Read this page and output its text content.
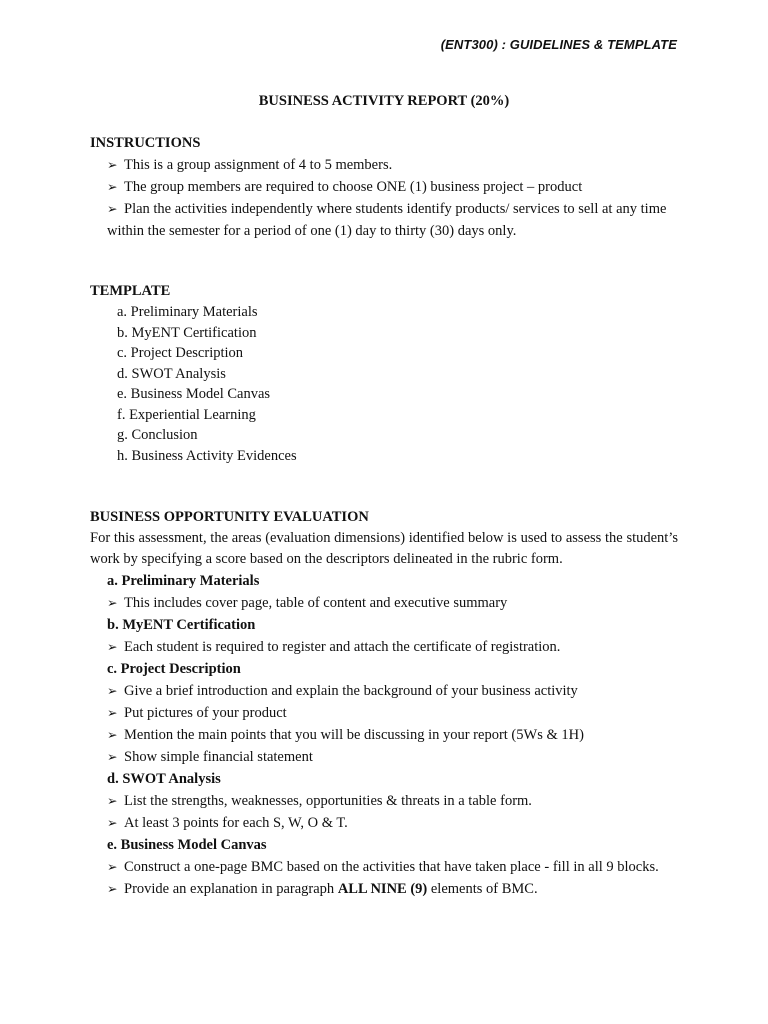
(ENT300) : GUIDELINES & TEMPLATE
BUSINESS ACTIVITY REPORT (20%)
INSTRUCTIONS
➢ This is a group assignment of 4 to 5 members.
➢ The group members are required to choose ONE (1) business project – product
➢ Plan the activities independently where students identify products/ services to sell at any time within the semester for a period of one (1) day to thirty (30) days only.
TEMPLATE
a. Preliminary Materials
b. MyENT Certification
c. Project Description
d. SWOT Analysis
e. Business Model Canvas
f. Experiential Learning
g. Conclusion
h. Business Activity Evidences
BUSINESS OPPORTUNITY EVALUATION
For this assessment, the areas (evaluation dimensions) identified below is used to assess the student’s work by specifying a score based on the descriptors delineated in the rubric form.
a. Preliminary Materials
➢ This includes cover page, table of content and executive summary
b. MyENT Certification
➢ Each student is required to register and attach the certificate of registration.
c. Project Description
➢ Give a brief introduction and explain the background of your business activity
➢ Put pictures of your product
➢ Mention the main points that you will be discussing in your report (5Ws & 1H)
➢ Show simple financial statement
d. SWOT Analysis
➢ List the strengths, weaknesses, opportunities & threats in a table form.
➢ At least 3 points for each S, W, O & T.
e. Business Model Canvas
➢ Construct a one-page BMC based on the activities that have taken place - fill in all 9 blocks.
➢ Provide an explanation in paragraph ALL NINE (9) elements of BMC.
